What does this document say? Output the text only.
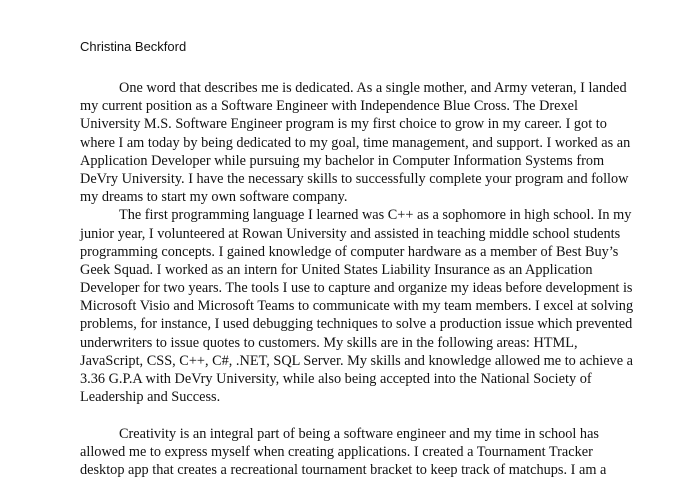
Christina Beckford
One word that describes me is dedicated. As a single mother, and Army veteran, I landed
my current position as a Software Engineer with Independence Blue Cross. The Drexel
University M.S. Software Engineer program is my first choice to grow in my career. I got to
where I am today by being dedicated to my goal, time management, and support. I worked as an
Application Developer while pursuing my bachelor in Computer Information Systems from
DeVry University. I have the necessary skills to successfully complete your program and follow
my dreams to start my own software company.
The first programming language I learned was C++ as a sophomore in high school. In my
junior year, I volunteered at Rowan University and assisted in teaching middle school students
programming concepts. I gained knowledge of computer hardware as a member of Best Buy’s
Geek Squad. I worked as an intern for United States Liability Insurance as an Application
Developer for two years. The tools I use to capture and organize my ideas before development is
Microsoft Visio and Microsoft Teams to communicate with my team members. I excel at solving
problems, for instance, I used debugging techniques to solve a production issue which prevented
underwriters to issue quotes to customers. My skills are in the following areas: HTML,
JavaScript, CSS, C++, C#, .NET, SQL Server. My skills and knowledge allowed me to achieve a
3.36 G.P.A with DeVry University, while also being accepted into the National Society of
Leadership and Success.
Creativity is an integral part of being a software engineer and my time in school has
allowed me to express myself when creating applications. I created a Tournament Tracker
desktop app that creates a recreational tournament bracket to keep track of matchups. I am a
